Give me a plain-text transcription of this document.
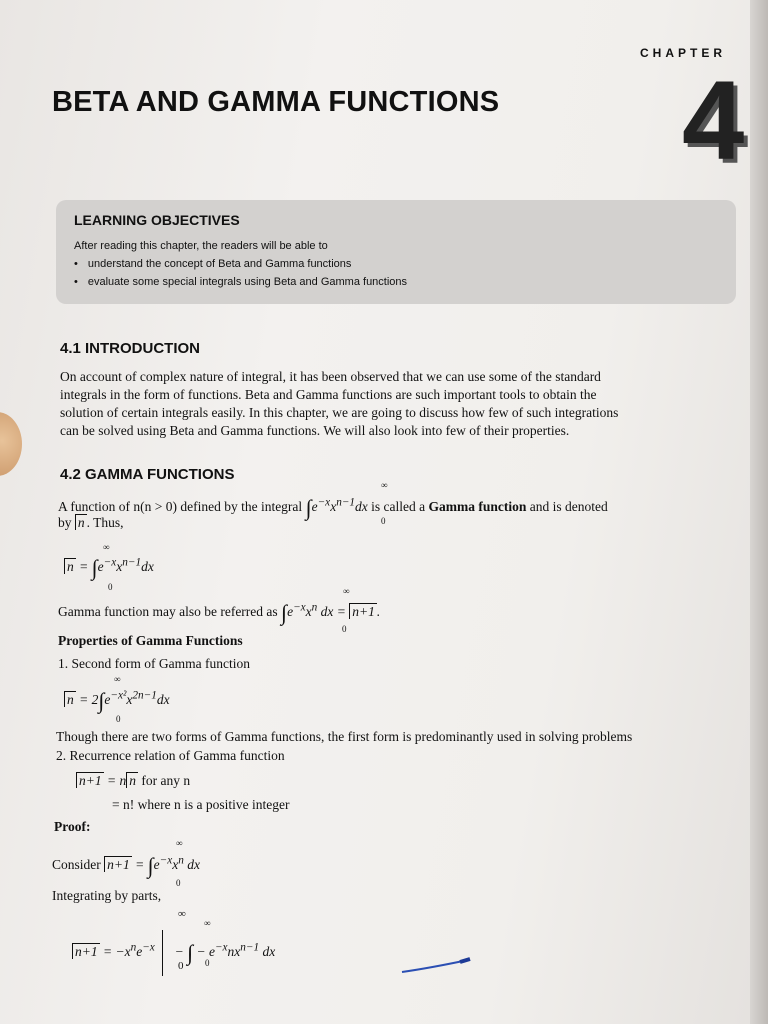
CHAPTER
4
BETA AND GAMMA FUNCTIONS
LEARNING OBJECTIVES
After reading this chapter, the readers will be able to
• understand the concept of Beta and Gamma functions
• evaluate some special integrals using Beta and Gamma functions
4.1 INTRODUCTION
On account of complex nature of integral, it has been observed that we can use some of the standard
integrals in the form of functions. Beta and Gamma functions are such important tools to obtain the
solution of certain integrals easily. In this chapter, we are going to discuss how few of such integrations
can be solved using Beta and Gamma functions. We will also look into few of their properties.
4.2 GAMMA FUNCTIONS
A function of n(n > 0) defined by the integral $\int e^{-x}x^{n-1}dx$ is called a Gamma function and is denoted
∞
0
by n . Thus,
$n = \int e^{-x}x^{n-1}dx$
∞
0
Gamma function may also be referred as $\int e^{-x}x^n$ dx = n+1 .
∞
0
Properties of Gamma Functions
1. Second form of Gamma function
$n = 2\int e^{-x^2}x^{2n-1}dx$
∞
0
Though there are two forms of Gamma functions, the first form is predominantly used in solving problems
2. Recurrence relation of Gamma function
n+1 = n n for any n
= n! where n is a positive integer
Proof:
Consider $n+1 = \int e^{-x}x^n$ dx
∞
0
Integrating by parts,
$n+1 = -x^ne^{-x}$  − ∫ − $e^{-x}nx^{n-1}$ dx
∞
0
∞
0
